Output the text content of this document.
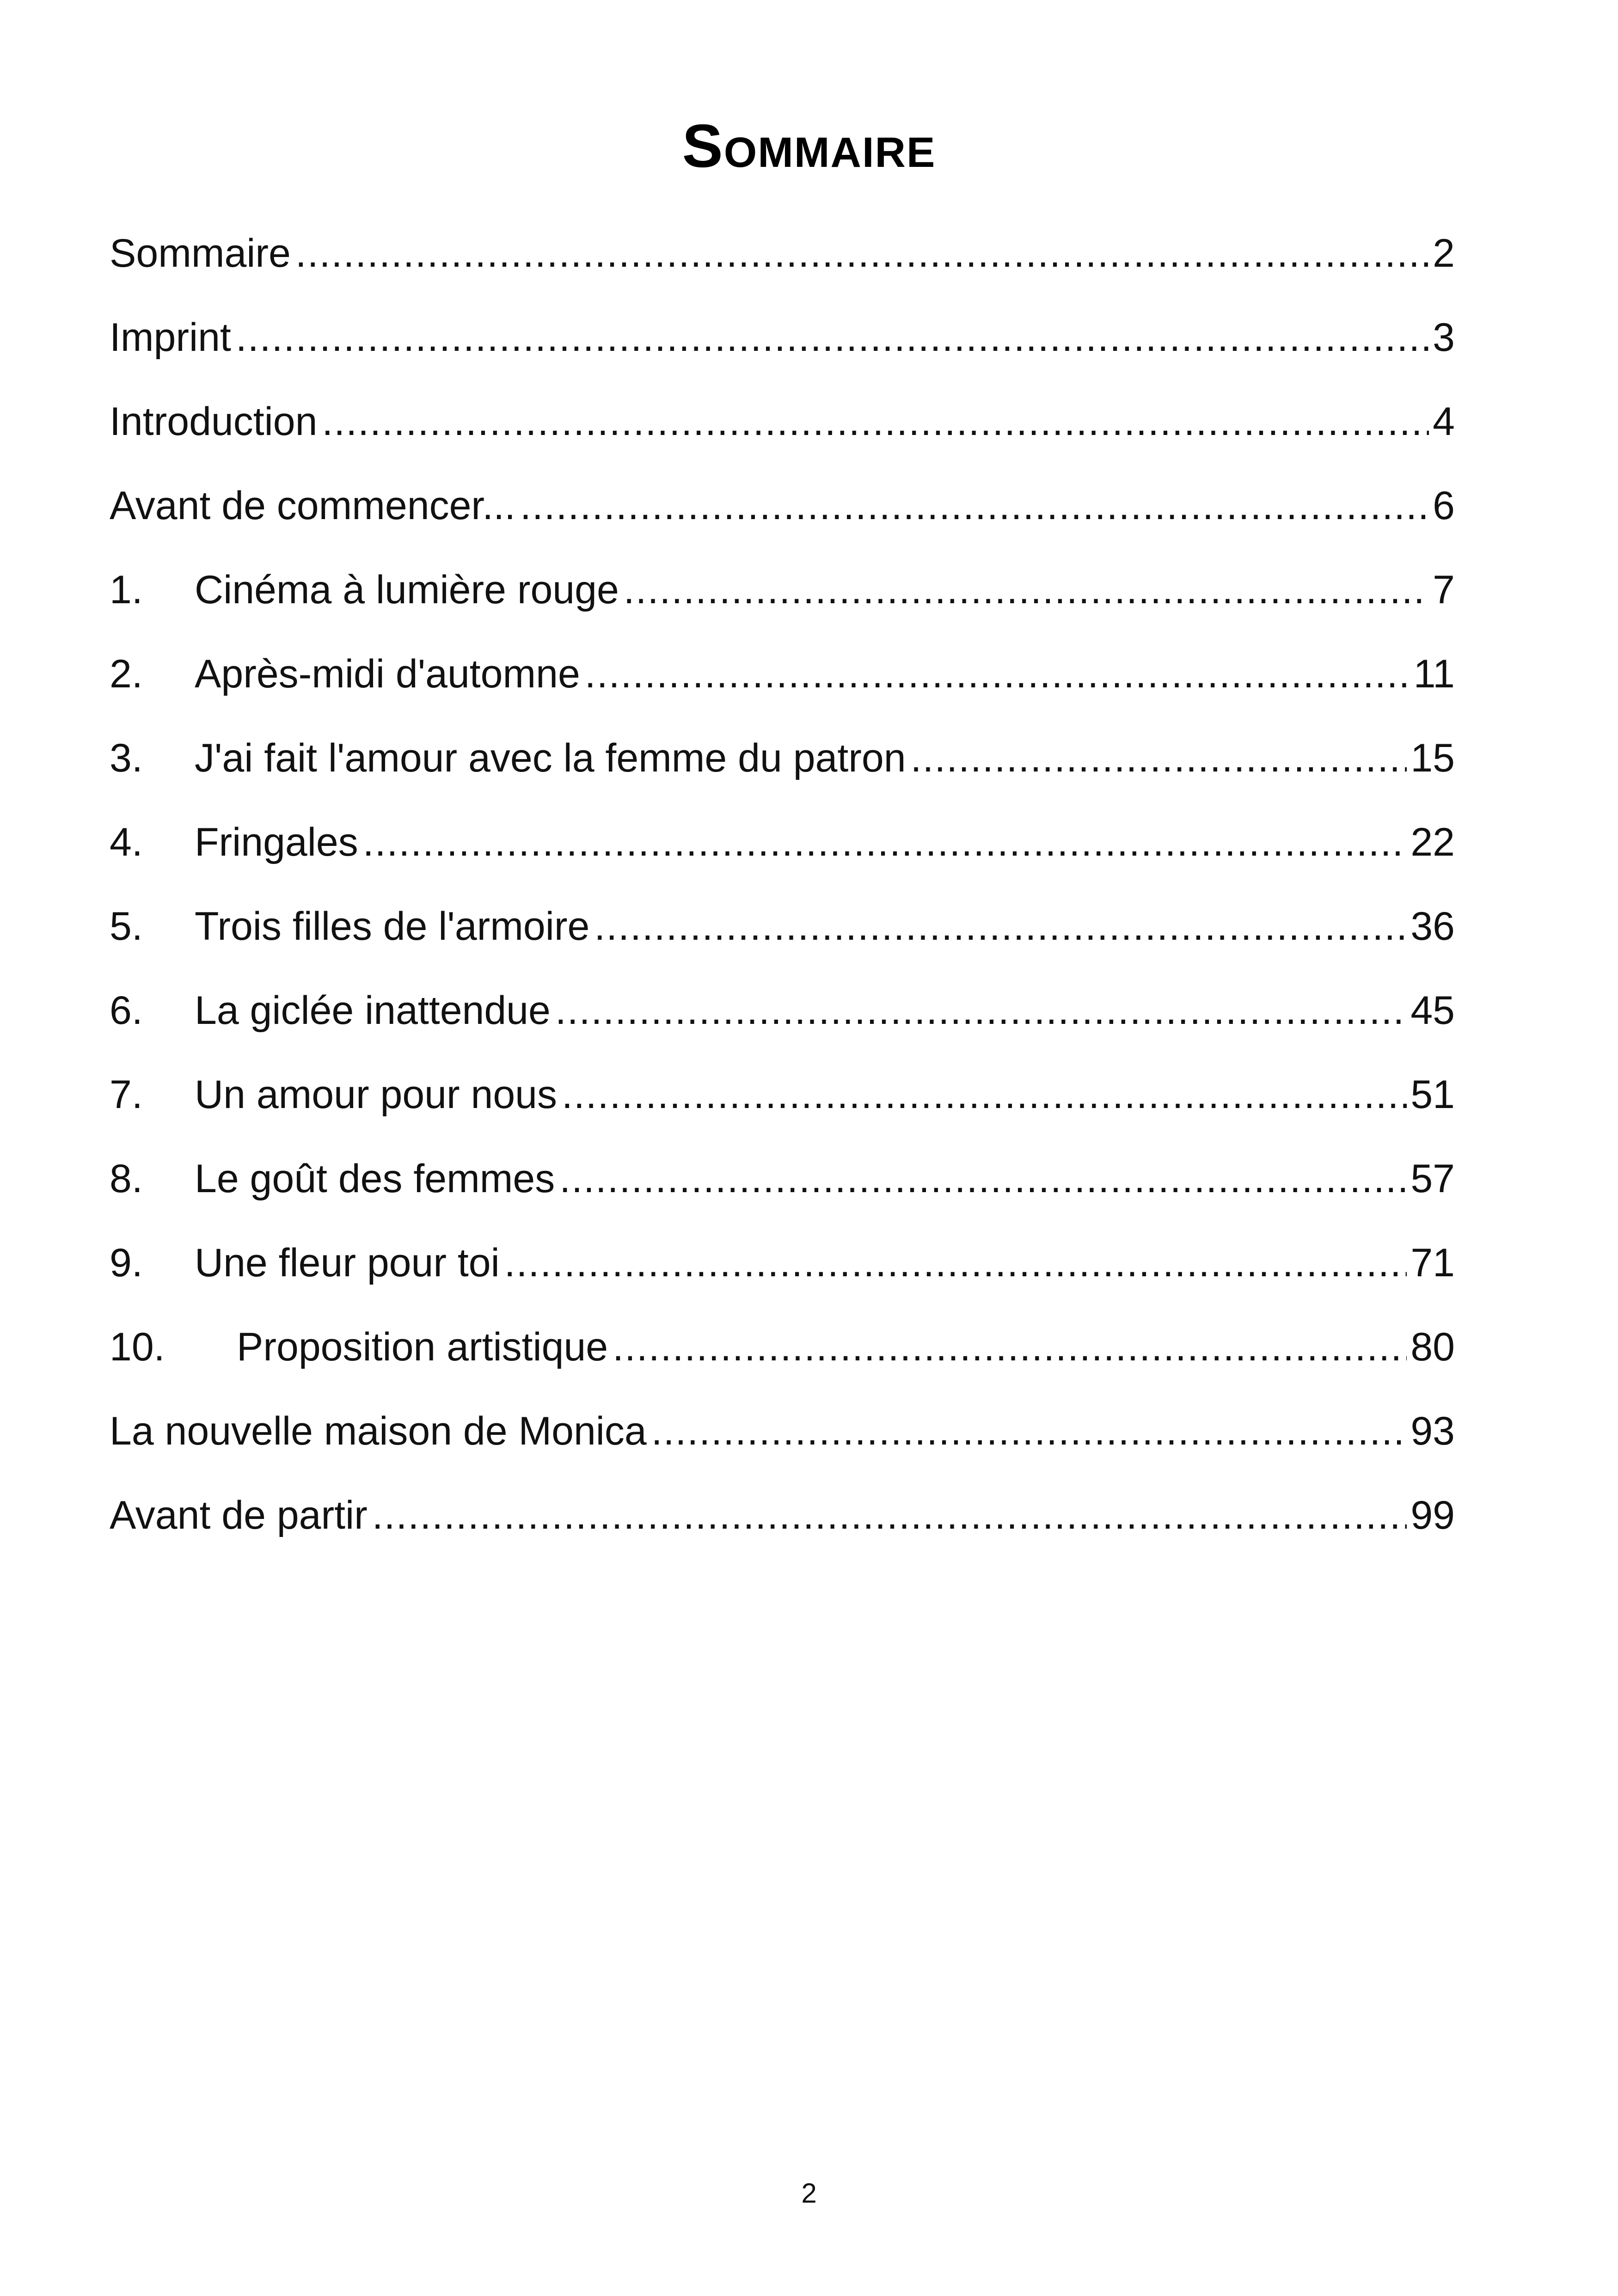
Sommaire
Sommaire .....	2
Imprint .....	3
Introduction .....	4
Avant de commencer... .....	6
1.	Cinéma à lumière rouge .....	7
2.	Après-midi d'automne .....	11
3.	J'ai fait l'amour avec la femme du patron .....	15
4.	Fringales .....	22
5.	Trois filles de l'armoire .....	36
6.	La giclée inattendue .....	45
7.	Un amour pour nous .....	51
8.	Le goût des femmes .....	57
9.	Une fleur pour toi .....	71
10.	Proposition artistique .....	80
La nouvelle maison de Monica .....	93
Avant de partir .....	99
2
